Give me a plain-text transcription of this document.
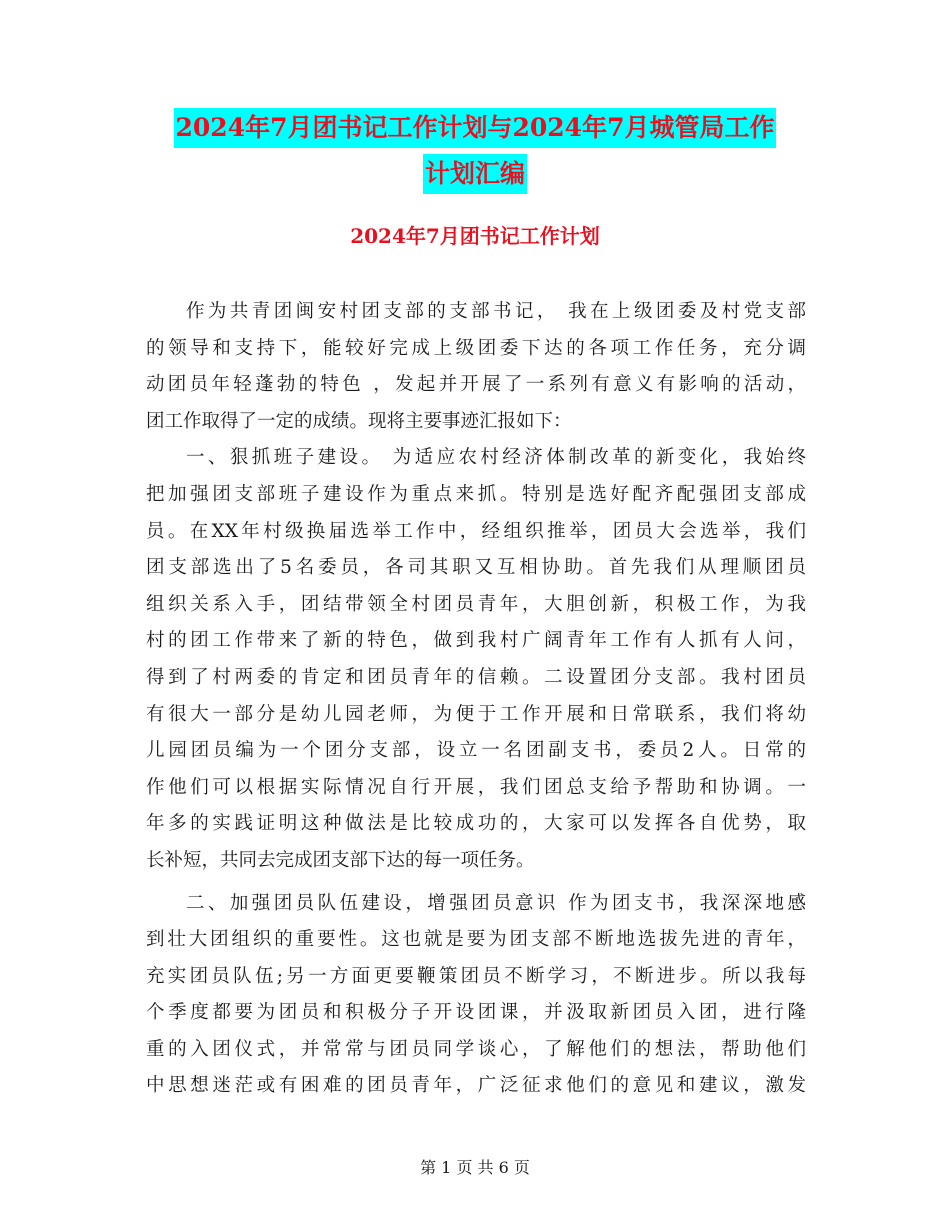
2024年7月团书记工作计划与2024年7月城管局工作
计划汇编
2024年7月团书记工作计划
作为共青团闽安村团支部的支部书记， 我在上级团委及村党支部
的领导和支持下，能较好完成上级团委下达的各项工作任务，充分调
动团员年轻蓬勃的特色 ，发起并开展了一系列有意义有影响的活动，
团工作取得了一定的成绩。现将主要事迹汇报如下：
一、狠抓班子建设。 为适应农村经济体制改革的新变化，我始终
把加强团支部班子建设作为重点来抓。特别是选好配齐配强团支部成
员。在XX年村级换届选举工作中，经组织推举，团员大会选举，我们
团支部选出了5名委员，各司其职又互相协助。首先我们从理顺团员
组织关系入手，团结带领全村团员青年，大胆创新，积极工作，为我
村的团工作带来了新的特色，做到我村广阔青年工作有人抓有人问，
得到了村两委的肯定和团员青年的信赖。二设置团分支部。我村团员
有很大一部分是幼儿园老师，为便于工作开展和日常联系，我们将幼
儿园团员编为一个团分支部，设立一名团副支书，委员2人。日常的
作他们可以根据实际情况自行开展，我们团总支给予帮助和协调。一
年多的实践证明这种做法是比较成功的，大家可以发挥各自优势，取
长补短，共同去完成团支部下达的每一项任务。
二、加强团员队伍建设，增强团员意识 作为团支书，我深深地感
到壮大团组织的重要性。这也就是要为团支部不断地选拔先进的青年，
充实团员队伍;另一方面更要鞭策团员不断学习，不断进步。所以我每
个季度都要为团员和积极分子开设团课，并汲取新团员入团，进行隆
重的入团仪式，并常常与团员同学谈心，了解他们的想法，帮助他们
中思想迷茫或有困难的团员青年，广泛征求他们的意见和建议，激发
第 1 页 共 6 页
